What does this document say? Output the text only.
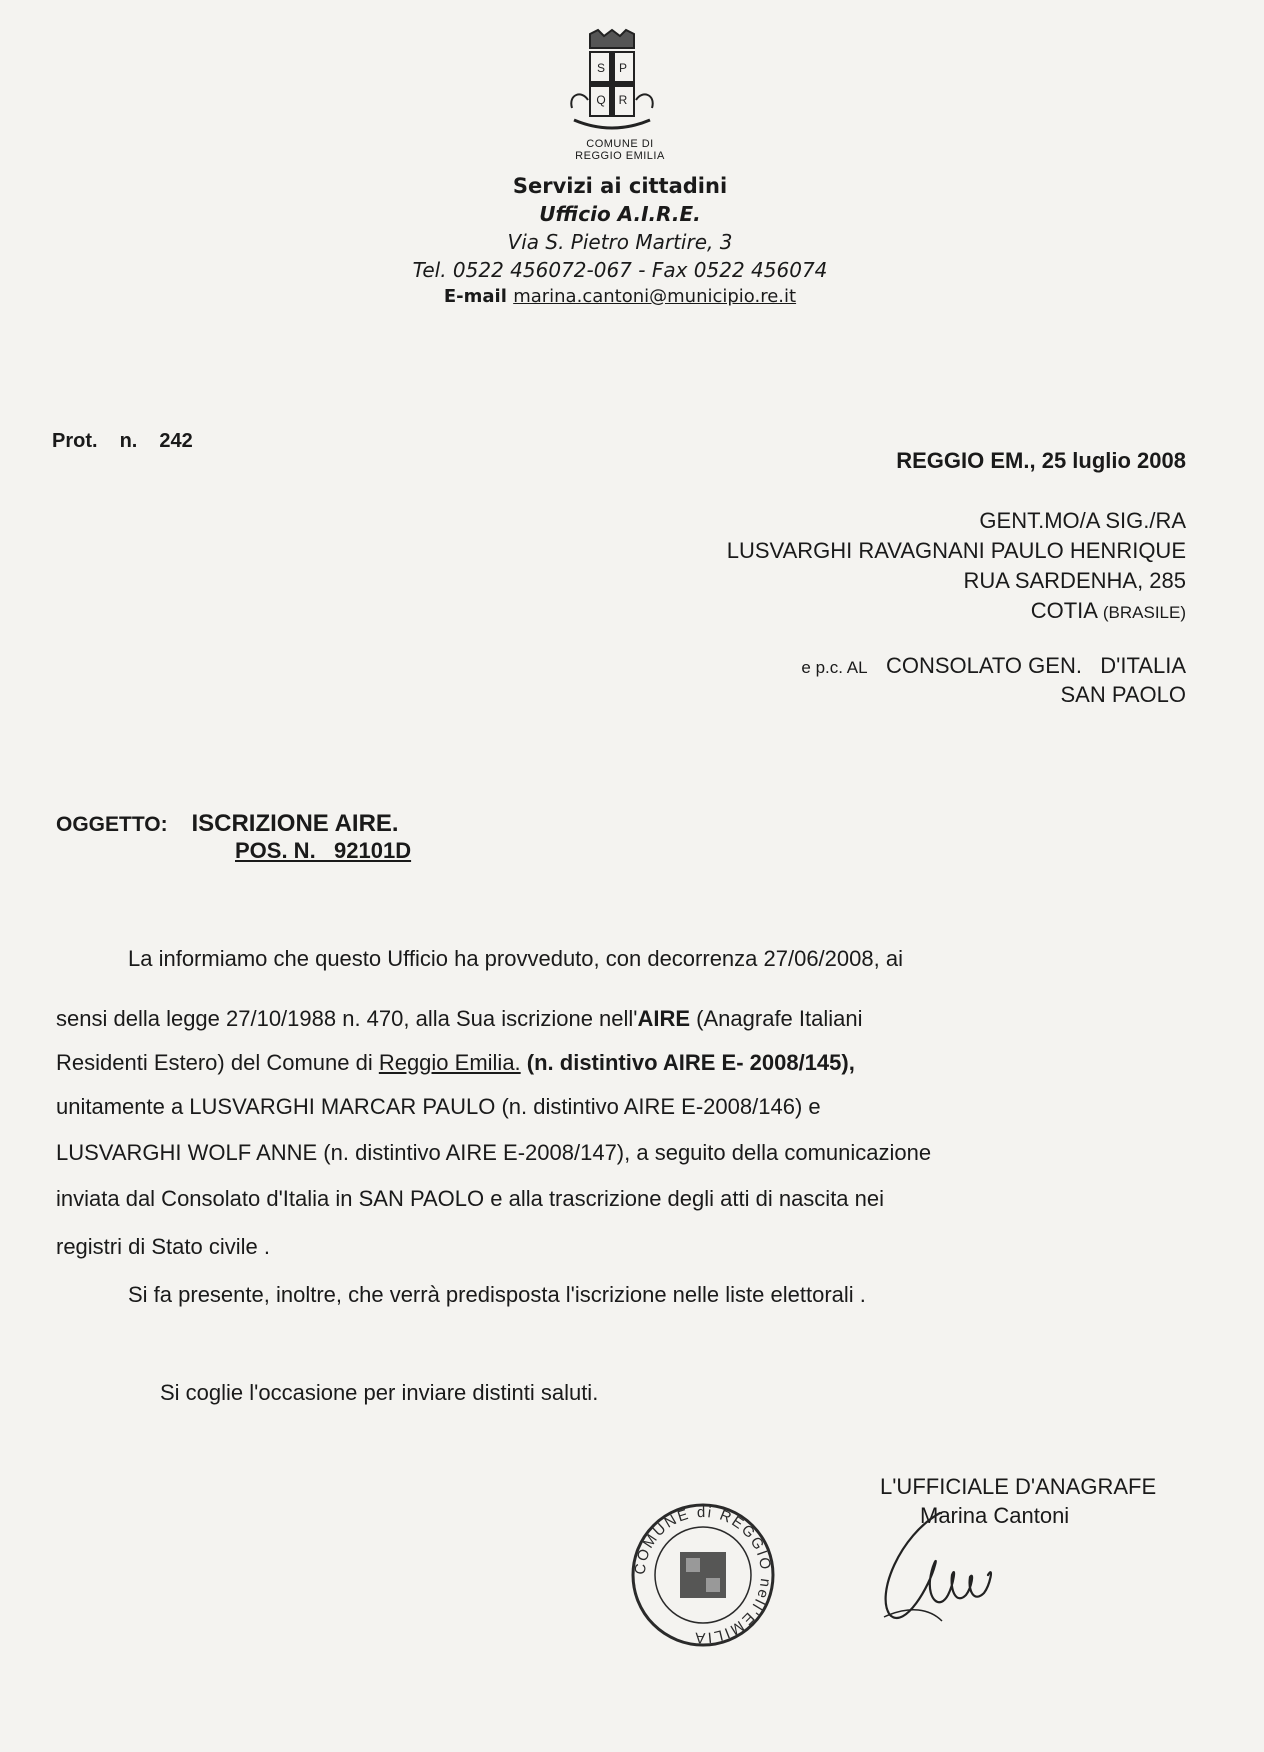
S P
Q R
COMUNE DI
REGGIO EMILIA
Servizi ai cittadini
Ufficio A.I.R.E.
Via S. Pietro Martire, 3
Tel. 0522 456072-067 - Fax 0522 456074
E-mail marina.cantoni@municipio.re.it
Prot. n. 242
REGGIO EM., 25 luglio 2008
GENT.MO/A SIG./RA
LUSVARGHI RAVAGNANI PAULO HENRIQUE
RUA SARDENHA, 285
COTIA (BRASILE)
e p.c. AL CONSOLATO GEN. D'ITALIA
SAN PAOLO
OGGETTO: ISCRIZIONE AIRE.
POS. N.   92101D
La informiamo che questo Ufficio ha provveduto, con decorrenza 27/06/2008, ai
sensi della legge 27/10/1988 n. 470, alla Sua iscrizione nell'AIRE (Anagrafe Italiani
Residenti Estero) del Comune di Reggio Emilia. (n. distintivo AIRE E- 2008/145),
unitamente a LUSVARGHI MARCAR PAULO (n. distintivo AIRE E-2008/146) e
LUSVARGHI WOLF ANNE (n. distintivo AIRE E-2008/147), a seguito della comunicazione
inviata dal Consolato d'Italia in SAN PAOLO e alla trascrizione degli atti di nascita nei
registri di Stato civile .
Si fa presente, inoltre, che verrà predisposta l'iscrizione nelle liste elettorali .
Si coglie l'occasione per inviare distinti saluti.
COMUNE di REGGIO nell'EMILIA
L'UFFICIALE D'ANAGRAFE
Marina Cantoni
